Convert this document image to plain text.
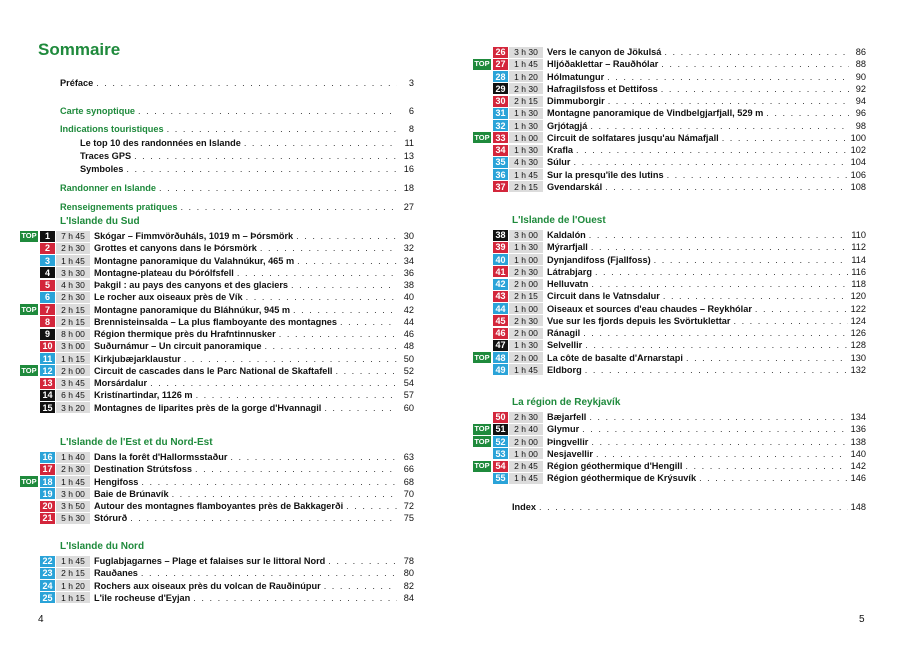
Sommaire
4	5
Préface . . .	3
Carte synoptique . . .	6
Indications touristiques . . .	8
Le top 10 des randonnées en Islande . . .	11
Traces GPS . . .	13
Symboles . . .	16
Randonner en Islande . . .	18
Renseignements pratiques . . .	27
L'Islande du Sud
TOP 1	7 h 45 Skógar – Fimmvörðuháls, 1019 m – Þórsmörk . . .	30
2	2 h 30 Grottes et canyons dans le Þórsmörk . . .	32
3	1 h 45 Montagne panoramique du Valahnúkur, 465 m . . .	34
4	3 h 30 Montagne-plateau du Þórólfsfell . . .	36
5	4 h 30 Þakgil : au pays des canyons et des glaciers . . .	38
6	2 h 30 Le rocher aux oiseaux près de Vík . . .	40
TOP 7	2 h 15 Montagne panoramique du Bláhnúkur, 945 m . . .	42
8	2 h 15 Brennisteinsalda – La plus flamboyante des montagnes . . .	44
9	8 h 00 Région thermique près du Hrafntinnusker . . .	46
10	3 h 00 Suðurnámur – Un circuit panoramique . . .	48
11	1 h 15 Kirkjubæjarklaustur . . .	50
TOP 12	2 h 00 Circuit de cascades dans le Parc National de Skaftafell . . .	52
13	3 h 45 Morsárdalur . . .	54
14	6 h 45 Kristínartindar, 1126 m . . .	57
15	3 h 20 Montagnes de liparites près de la gorge d'Hvannagil . . .	60
L'Islande de l'Est et du Nord-Est
16	1 h 40 Dans la forêt d'Hallormsstaður . . .	63
17	2 h 30 Destination Strútsfoss . . .	66
TOP 18	1 h 45 Hengifoss . . .	68
19	3 h 00 Baie de Brúnavík . . .	70
20	3 h 50 Autour des montagnes flamboyantes près de Bakkagerði . . .	72
21	5 h 30 Stórurð . . .	75
L'Islande du Nord
22	1 h 45 Fuglabjagarnes – Plage et falaises sur le littoral Nord . . .	78
23	2 h 15 Rauðanes . . .	80
24	1 h 20 Rochers aux oiseaux près du volcan de Rauðinúpur . . .	82
25	1 h 15 L'île rocheuse d'Eyjan . . .	84
26	3 h 30 Vers le canyon de Jökulsá . . .	86
TOP 27	1 h 45 Hljóðaklettar – Rauðhólar . . .	88
28	1 h 20 Hólmatungur . . .	90
29	2 h 30 Hafragilsfoss et Dettifoss . . .	92
30	2 h 15 Dimmuborgir . . .	94
31	1 h 30 Montagne panoramique de Vindbelgjarfjall, 529 m . . .	96
32	1 h 30 Grjótagjá . . .	98
TOP 33	1 h 00 Circuit de solfatares jusqu'au Námafjall . . .	100
34	1 h 30 Krafla . . .	102
35	4 h 30 Súlur . . .	104
36	1 h 45 Sur la presqu'île des lutins . . .	106
37	2 h 15 Gvendarskál . . .	108
L'Islande de l'Ouest
38	3 h 00 Kaldalón . . .	110
39	1 h 30 Mýrarfjall . . .	112
40	1 h 00 Dynjandifoss (Fjallfoss) . . .	114
41	2 h 30 Látrabjarg . . .	116
42	2 h 00 Helluvatn . . .	118
43	2 h 15 Circuit dans le Vatnsdalur . . .	120
44	1 h 00 Oiseaux et sources d'eau chaudes – Reykhólar . . .	122
45	2 h 30 Vue sur les fjords depuis les Svörtuklettar . . .	124
46	2 h 00 Ránagil . . .	126
47	1 h 30 Selvellir . . .	128
TOP 48	2 h 00 La côte de basalte d'Arnarstapi . . .	130
49	1 h 45 Eldborg . . .	132
La région de Reykjavík
50	2 h 30 Bæjarfell . . .	134
TOP 51	2 h 40 Glymur . . .	136
TOP 52	2 h 00 Þingvellir . . .	138
53	1 h 00 Nesjavellir . . .	140
TOP 54	2 h 45 Région géothermique d'Hengill . . .	142
55	1 h 45 Région géothermique de Krýsuvík . . .	146
Index . . .	148
